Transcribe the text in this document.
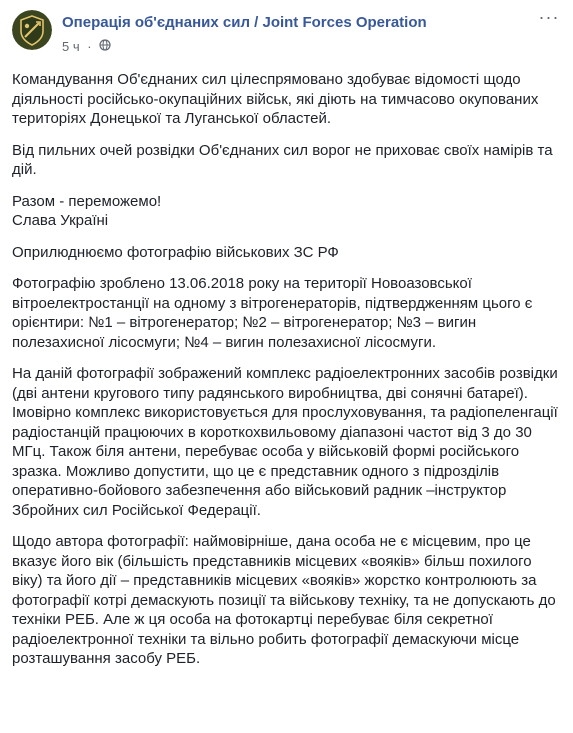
Операція об'єднаних сил / Joint Forces Operation
5 ч ·
···

Командування Об'єднаних сил цілеспрямовано здобуває відомості щодо діяльності російсько-окупаційних військ, які діють на тимчасово окупованих територіях Донецької та Луганської областей.

Від пильних очей розвідки Об'єднаних сил ворог не приховає своїх намірів та дій.

Разом - переможемо!
Слава Україні

Оприлюднюємо фотографію військових ЗС РФ

Фотографію зроблено 13.06.2018 року на території Новоазовської вітроелектростанції на одному з вітрогенераторів, підтвердженням цього є орієнтири: №1 – вітрогенератор; №2 – вітрогенератор; №3 – вигин полезахисної лісосмуги; №4 – вигин полезахисної лісосмуги.

На даній фотографії зображений комплекс радіоелектронних засобів розвідки (дві антени кругового типу радянського виробництва, дві сонячні батареї). Імовірно комплекс використовується для прослуховування, та радіопеленгації радіостанцій працюючих в короткохвильовому діапазоні частот від 3 до 30 МГц. Також біля антени, перебуває особа у військовій формі російського зразка. Можливо допустити, що це є представник одного з підрозділів оперативно-бойового забезпечення або військовий радник –інструктор Збройних сил Російської Федерації.

Щодо автора фотографії: наймовірніше, дана особа не є місцевим, про це вказує його вік (більшість представників місцевих «вояків» більш похилого віку) та його дії – представників місцевих «вояків» жорстко контролюють за фотографії котрі демаскують позиції та військову техніку, та не допускають до техніки РЕБ. Але ж ця особа на фотокартці перебуває біля секретної радіоелектронної техніки та вільно робить фотографії демаскуючи місце розташування засобу РЕБ.
